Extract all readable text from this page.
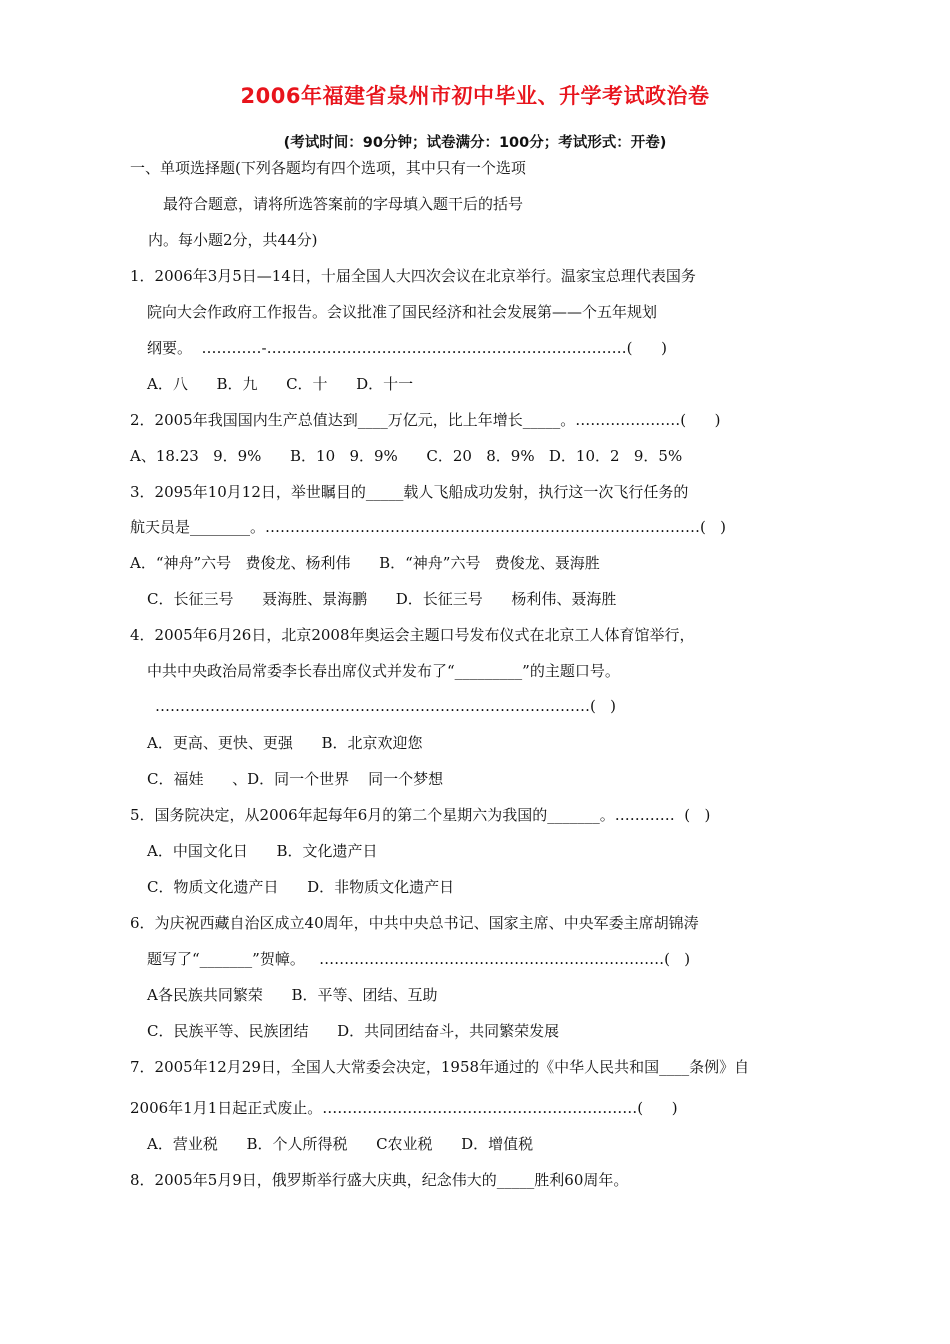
2006年福建省泉州市初中毕业、升学考试政治卷
(考试时间：90分钟；试卷满分：100分；考试形式：开卷)
一、单项选择题(下列各题均有四个选项，其中只有一个选项
最符合题意，请将所选答案前的字母填入题干后的括号
内。每小题2分，共44分)
1．2006年3月5日—14日，十届全国人大四次会议在北京举行。温家宝总理代表国务
院向大会作政府工作报告。会议批准了国民经济和社会发展第——个五年规划
纲要。  …………-………………………………………………………………(      )
A．八      B．九      C．十      D．十一
2．2005年我国国内生产总值达到____万亿元，比上年增长_____。…………………(      )
A、18.23   9．9%      B．10   9．9%      C．20   8．9%   D．10．2   9．5%
3．2095年10月12日，举世瞩目的_____载人飞船成功发射，执行这一次飞行任务的
航天员是________。……………………………………………………………………………(   )
A．“神舟”六号   费俊龙、杨利伟      B．“神舟”六号   费俊龙、聂海胜
C．长征三号      聂海胜、景海鹏      D．长征三号      杨利伟、聂海胜
4．2005年6月26日，北京2008年奥运会主题口号发布仪式在北京工人体育馆举行，
中共中央政治局常委李长春出席仪式并发布了“_________”的主题口号。
……………………………………………………………………………(   )
A．更高、更快、更强      B．北京欢迎您
C．福娃      、D．同一个世界    同一个梦想
5．国务院决定，从2006年起每年6月的第二个星期六为我国的_______。…………  (   )
A．中国文化日      B．文化遗产日
C．物质文化遗产日      D．非物质文化遗产日
6．为庆祝西藏自治区成立40周年，中共中央总书记、国家主席、中央军委主席胡锦涛
题写了“_______”贺幛。   ……………………………………………………………(   )
A各民族共同繁荣      B．平等、团结、互助
C．民族平等、民族团结      D．共同团结奋斗，共同繁荣发展
7．2005年12月29日，全国人大常委会决定，1958年通过的《中华人民共和国____条例》自
2006年1月1日起正式废止。………………………………………………………(      )
A．营业税      B．个人所得税      C农业税      D．增值税
8．2005年5月9日，俄罗斯举行盛大庆典，纪念伟大的_____胜利60周年。
